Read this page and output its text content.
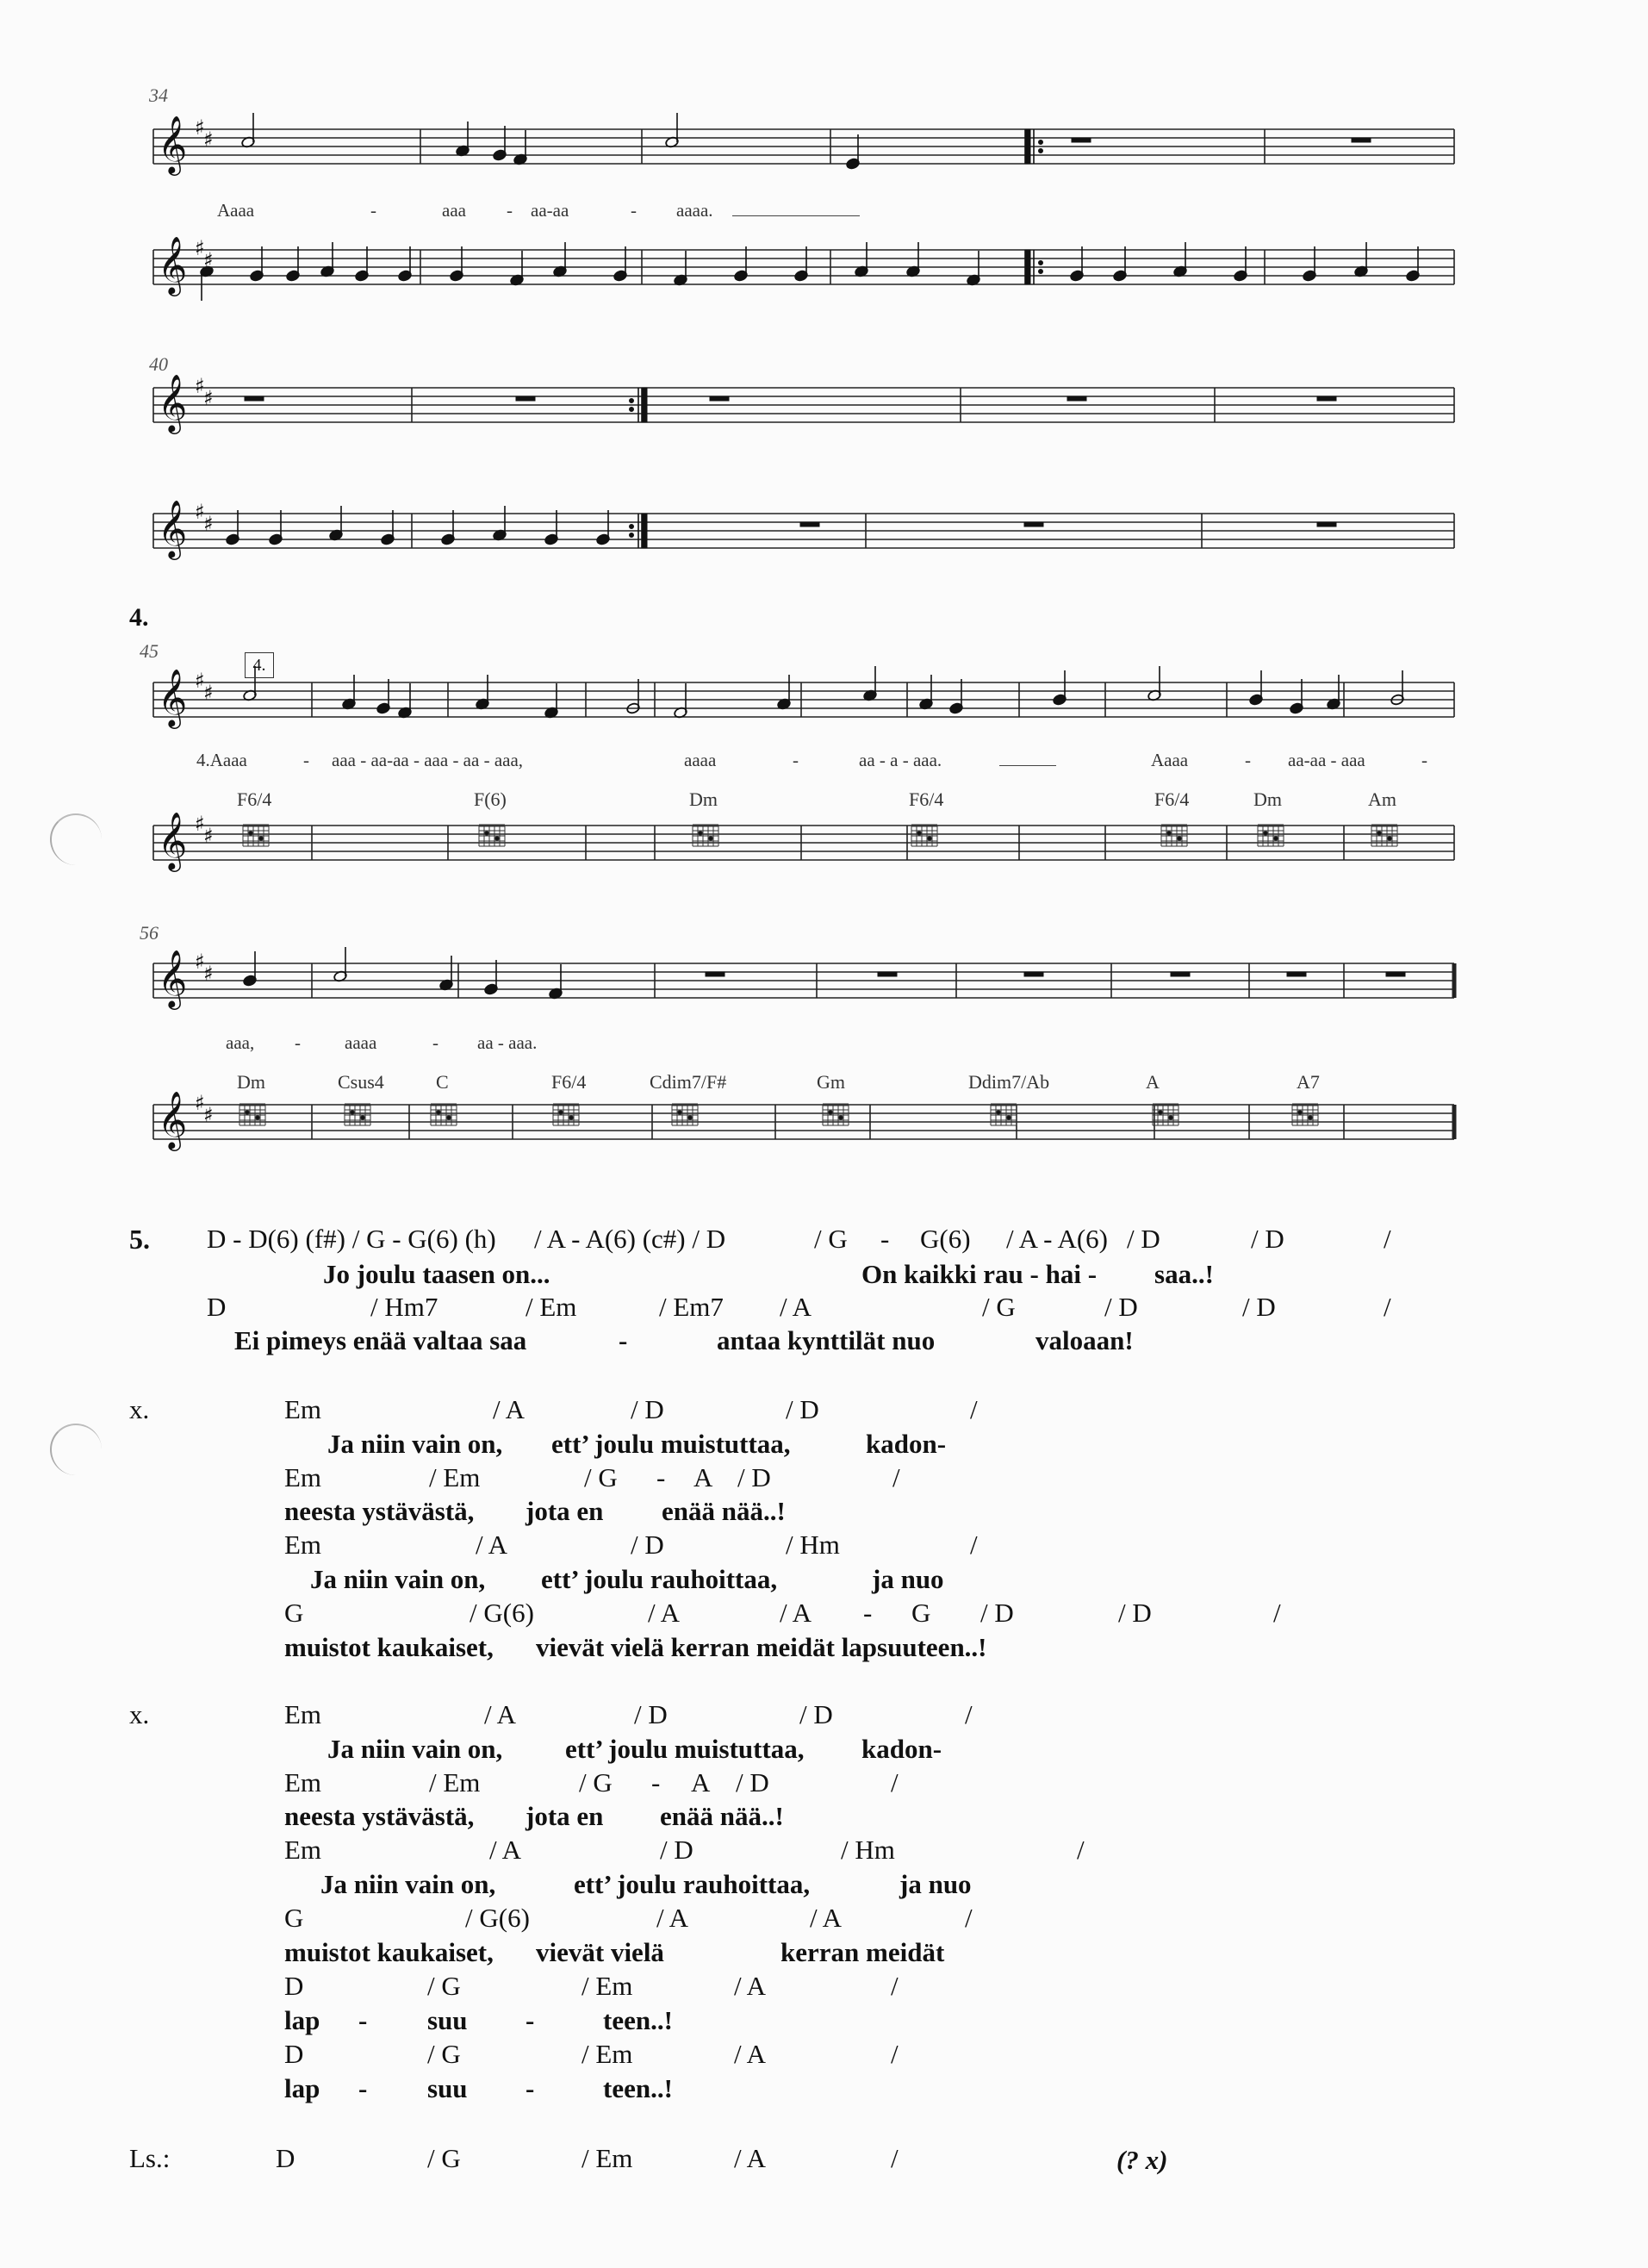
𝄞 ♯
♯
𝄞 ♯
♯
𝄞 ♯
♯
𝄞 ♯
♯
𝄞 ♯
♯
𝄞 ♯
♯
𝄞 ♯
♯
𝄞 ♯
♯
34
40
45
56
4.
4.
Aaaa	-	aaa - aa-aa	- aaaa.
4.Aaaa	- aaa - aa-aa - aaa - aa - aaa,	aaaa	-	aa - a - aaa.	Aaaa	- aa-aa - aaa	-
F6/4	F(6)	Dm	F6/4	F6/4	Dm	Am
aaa, - aaaa	- aa - aaa.
Dm	Csus4	C	F6/4	Cdim7/F#	Gm	Ddim7/Ab	A	A7
5. D - D(6) (f#) / G - G(6) (h) / A - A(6) (c#) / D	/ G - G(6) / A - A(6) / D	/ D	/
Jo joulu taasen on...	On kaikki rau - hai - saa..!
D	/ Hm7	/ Em	/ Em7 / A	/ G	/ D	/ D	/
Ei pimeys enää valtaa saa	-	antaa kynttilät nuo	valoaan!
x.	Em	/ A	/ D	/ D	/
Ja niin vain on, ett’ joulu muistuttaa,	kadon-
Em	/ Em	/ G - A / D	/
neesta ystävästä, jota en enää nää..!
Em	/ A	/ D	/ Hm	/
Ja niin vain on, ett’ joulu rauhoittaa,	ja nuo
G	/ G(6)	/ A	/ A - G / D	/ D	/
muistot kaukaiset, vievät vielä kerran meidät lapsuuteen..!
x.	Em	/ A	/ D	/ D	/
Ja niin vain on, ett’ joulu muistuttaa, kadon-
Em	/ Em	/ G - A / D	/
neesta ystävästä, jota en enää nää..!
Em	/ A	/ D	/ Hm	/
Ja niin vain on,	ett’ joulu rauhoittaa,	ja nuo
G	/ G(6)	/ A	/ A	/
muistot kaukaiset, vievät vielä	kerran meidät
D	/ G	/ Em	/ A	/
lap - suu -	teen..!
D	/ G	/ Em	/ A	/
lap - suu -	teen..!
Ls.:	D	/ G	/ Em	/ A	/	(? x)
